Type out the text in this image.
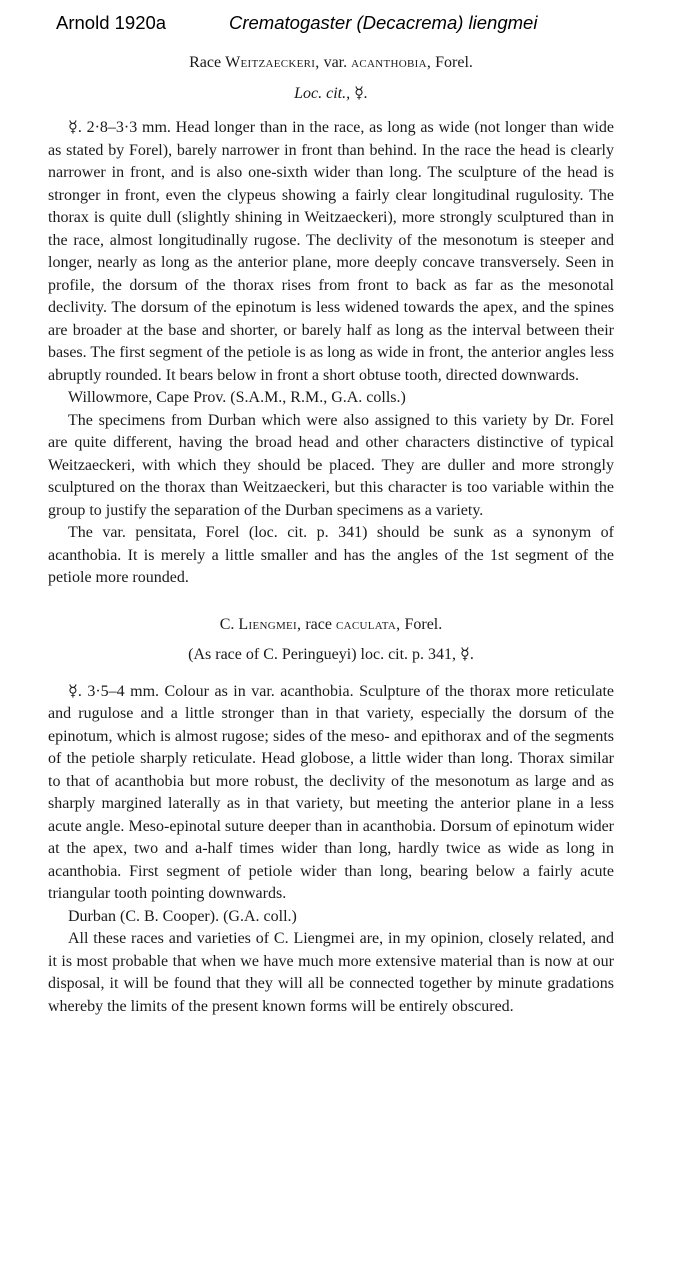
Arnold 1920a	Crematogaster (Decacrema) liengmei

Race Weitzaeckeri, var. acanthobia, Forel.

Loc. cit., ☿.

☿. 2·8–3·3 mm. Head longer than in the race, as long as wide (not longer than wide as stated by Forel), barely narrower in front than behind. In the race the head is clearly narrower in front, and is also one-sixth wider than long. The sculpture of the head is stronger in front, even the clypeus showing a fairly clear longitudinal rugulosity. The thorax is quite dull (slightly shining in Weitzaeckeri), more strongly sculptured than in the race, almost longitudinally rugose. The declivity of the mesonotum is steeper and longer, nearly as long as the anterior plane, more deeply concave transversely. Seen in profile, the dorsum of the thorax rises from front to back as far as the mesonotal declivity. The dorsum of the epinotum is less widened towards the apex, and the spines are broader at the base and shorter, or barely half as long as the interval between their bases. The first segment of the petiole is as long as wide in front, the anterior angles less abruptly rounded. It bears below in front a short obtuse tooth, directed downwards.

Willowmore, Cape Prov. (S.A.M., R.M., G.A. colls.)

The specimens from Durban which were also assigned to this variety by Dr. Forel are quite different, having the broad head and other characters distinctive of typical Weitzaeckeri, with which they should be placed. They are duller and more strongly sculptured on the thorax than Weitzaeckeri, but this character is too variable within the group to justify the separation of the Durban specimens as a variety.

The var. pensitata, Forel (loc. cit. p. 341) should be sunk as a synonym of acanthobia. It is merely a little smaller and has the angles of the 1st segment of the petiole more rounded.

C. Liengmei, race caculata, Forel.

(As race of C. Peringueyi) loc. cit. p. 341, ☿.

☿. 3·5–4 mm. Colour as in var. acanthobia. Sculpture of the thorax more reticulate and rugulose and a little stronger than in that variety, especially the dorsum of the epinotum, which is almost rugose; sides of the meso- and epithorax and of the segments of the petiole sharply reticulate. Head globose, a little wider than long. Thorax similar to that of acanthobia but more robust, the declivity of the mesonotum as large and as sharply margined laterally as in that variety, but meeting the anterior plane in a less acute angle. Meso-epinotal suture deeper than in acanthobia. Dorsum of epinotum wider at the apex, two and a-half times wider than long, hardly twice as wide as long in acanthobia. First segment of petiole wider than long, bearing below a fairly acute triangular tooth pointing downwards.

Durban (C. B. Cooper). (G.A. coll.)

All these races and varieties of C. Liengmei are, in my opinion, closely related, and it is most probable that when we have much more extensive material than is now at our disposal, it will be found that they will all be connected together by minute gradations whereby the limits of the present known forms will be entirely obscured.
